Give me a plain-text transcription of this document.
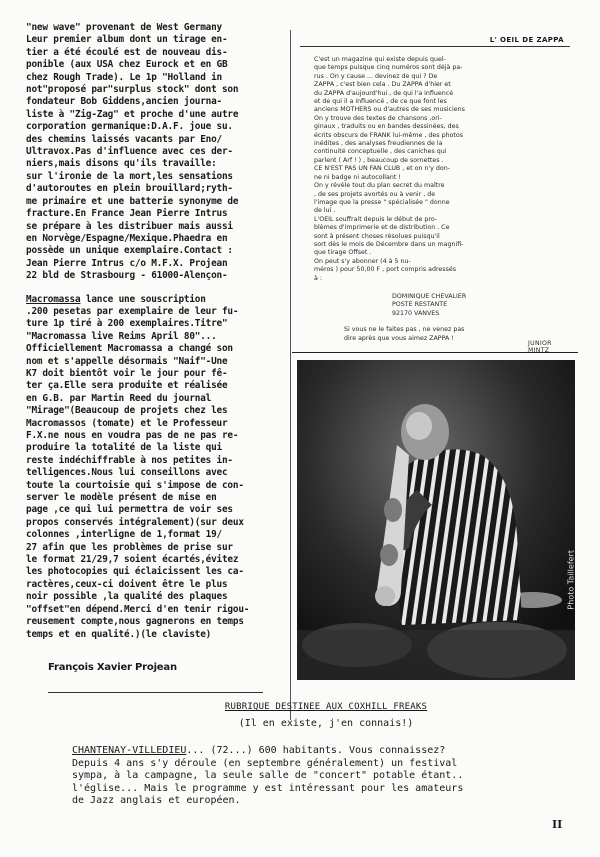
"new wave" provenant de West Germany
Leur premier album dont un tirage en-
tier a été écoulé est de nouveau dis-
ponible (aux USA chez Eurock et en GB
chez Rough Trade). Le 1p "Holland in
not"proposé par"surplus stock" dont son
fondateur Bob Giddens,ancien journa-
liste à "Zig-Zag" et proche d'une autre
corporation germanique:D.A.F. joue su.
des chemins laissés vacants par Eno/
Ultravox.Pas d'influence avec ces der-
niers,mais disons qu'ils travaille:
sur l'ironie de la mort,les sensations
d'autoroutes en plein brouillard;ryth-
me primaire et une batterie synonyme de
fracture.En France Jean Pierre Intrus
se prépare à les distribuer mais aussi
en Norvège/Espagne/Mexique.Phaedra en
possède un unique exemplaire.Contact :
Jean Pierre Intrus c/o M.F.X. Projean
22 bld de Strasbourg - 61000-Alençon-

Macromassa lance une souscription
.200 pesetas par exemplaire de leur fu-
ture 1p tiré à 200 exemplaires.Titre"
"Macromassa live Reims April 80"...
Officiellement Macromassa a changé son
nom et s'appelle désormais "Naif"-Une
K7 doit bientôt voir le jour pour fê-
ter ça.Elle sera produite et réalisée
en G.B. par Martin Reed du journal
"Mirage"(Beaucoup de projets chez les
Macromassos (tomate) et le Professeur
F.X.ne nous en voudra pas de ne pas re-
produire la totalité de la liste qui
reste indéchiffrable à nos petites in-
telligences.Nous lui conseillons avec
toute la courtoisie qui s'impose de con-
server le modèle présent de mise en
page ,ce qui lui permettra de voir ses
propos conservés intégralement)(sur deux
colonnes ,interligne de 1,format 19/
27 afin que les problèmes de prise sur
le format 21/29,7 soient écartés,évitez
les photocopies qui éclaicissent les ca-
ractères,ceux-ci doivent être le plus
noir possible ,la qualité des plaques
"offset"en dépend.Merci d'en tenir rigou-
reusement compte,nous gagnerons en temps
temps et en qualité.)(le claviste)

François Xavier Projean
L' OEIL DE ZAPPA
C'est un magazine qui existe depuis quel-
que temps puisque cinq numéros sont déjà pa-
rus . On y cause ... devinez de qui ? De
ZAPPA , c'est bien cela . Du ZAPPA d'hier et
du ZAPPA d'aujourd'hui , de qui l'a influencé
et de qui il a influencé , de ce que font les
anciens MOTHERS ou d'autres de ses musiciens
On y trouve des textes de chansons ,ori-
ginaux , traduits ou en bandes dessinées, des
écrits obscurs de FRANK lui-même , des photos
inédites , des analyses freudiennes de la
continuité conceptuelle , des caniches qui
parlent ( Arf ! ) , beaucoup de sornettes .
CE N'EST PAS UN FAN CLUB , et on n'y don-
ne ni badge ni autocollant !
On y révèle tout du plan secret du maître
, de ses projets avortés ou à venir , de
l'image que la presse " spécialisée " donne
de lui .
L'OEIL souffrait depuis le début de pro-
blèmes d'imprimerie et de distribution . Ce
sont à présent choses résolues puisqu'il
sort dès le mois de Décembre dans un magnifi-
que tirage Offset .
On peut s'y abonner (4 à 5 nu-
méros ) pour 50,00 F , port compris adressés
à :
DOMINIQUE CHEVALIER
POSTE RESTANTE
92170 VANVES
Si vous ne le faites pas , ne venez pas
dire après que vous aimez ZAPPA !
JUNIOR MINTZ
Photo Taillefert
RUBRIQUE DESTINEE AUX COXHILL FREAKS
(Il en existe, j'en connais!)
CHANTENAY-VILLEDIEU... (72...) 600 habitants. Vous connaissez?
Depuis 4 ans s'y déroule (en septembre généralement) un festival
sympa, à la campagne, la seule salle de "concert" potable étant..
l'église... Mais le programme y est intéressant pour les amateurs
de Jazz anglais et européen.
II
